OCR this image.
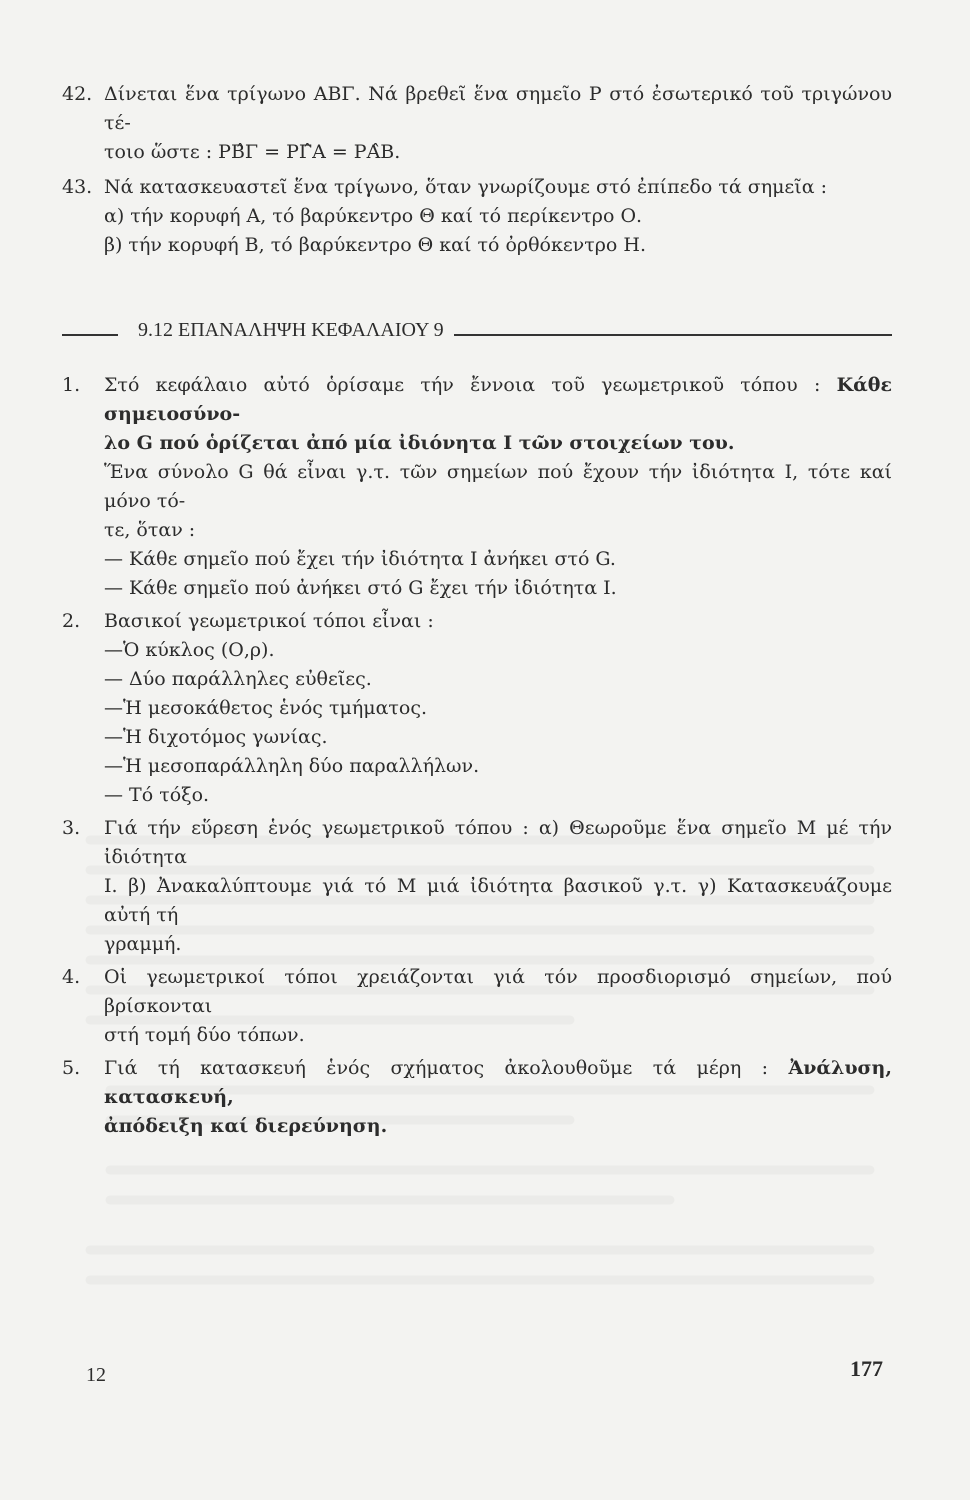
42. Δίνεται ἕνα τρίγωνο ΑΒΓ. Νά βρεθεῖ ἕνα σημεῖο Ρ στό ἐσωτερικό τοῦ τριγώνου τέ-
τοιο ὥστε : ΡΒ̂Γ = ΡΓ̂Α = ΡΑ̂Β.
43. Νά κατασκευαστεῖ ἕνα τρίγωνο, ὅταν γνωρίζουμε στό ἐπίπεδο τά σημεῖα :
α) τήν κορυφή Α, τό βαρύκεντρο Θ καί τό περίκεντρο Ο.
β) τήν κορυφή Β, τό βαρύκεντρο Θ καί τό ὀρθόκεντρο Η.
9.12 ΕΠΑΝΑΛΗΨΗ ΚΕΦΑΛΑΙΟΥ 9
1.	Στό κεφάλαιο αὐτό ὁρίσαμε τήν ἔννοια τοῦ γεωμετρικοῦ τόπου : Κάθε σημειοσύνο-
λο G πού ὁρίζεται ἀπό μία ἰδιόνητα Ι τῶν στοιχείων του.
Ἕνα σύνολο G θά εἶναι γ.τ. τῶν σημείων πού ἔχουν τήν ἰδιότητα Ι, τότε καί μόνο τό-
τε, ὅταν :
— Κάθε σημεῖο πού ἔχει τήν ἰδιότητα Ι ἀνήκει στό G.
— Κάθε σημεῖο πού ἀνήκει στό G ἔχει τήν ἰδιότητα Ι.
2.	Βασικοί γεωμετρικοί τόποι εἶναι :
—Ὁ κύκλος (Ο,ρ).
— Δύο παράλληλες εὐθεῖες.
—Ἡ μεσοκάθετος ἑνός τμήματος.
—Ἡ διχοτόμος γωνίας.
—Ἡ μεσοπαράλληλη δύο παραλλήλων.
— Τό τόξο.
3.	Γιά τήν εὕρεση ἑνός γεωμετρικοῦ τόπου : α) Θεωροῦμε ἕνα σημεῖο Μ μέ τήν ἰδιότητα
Ι. β) Ἀνακαλύπτουμε γιά τό Μ μιά ἰδιότητα βασικοῦ γ.τ. γ) Κατασκευάζουμε αὐτή τή
γραμμή.
4.	Οἱ γεωμετρικοί τόποι χρειάζονται γιά τόν προσδιορισμό σημείων, πού βρίσκονται
στή τομή δύο τόπων.
5.	Γιά τή κατασκευή ἑνός σχήματος ἀκολουθοῦμε τά μέρη : Ἀνάλυση, κατασκευή,
ἀπόδειξη καί διερεύνηση.
12	177
